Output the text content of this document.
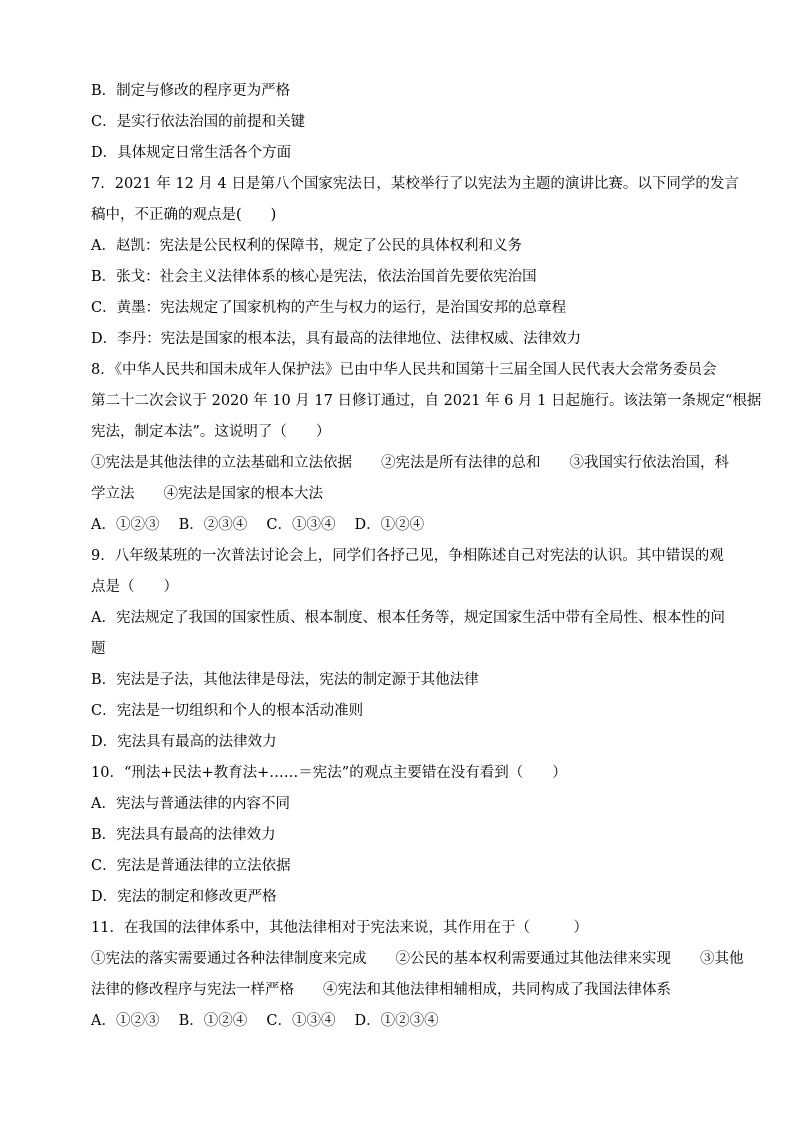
B．制定与修改的程序更为严格
C．是实行依法治国的前提和关键
D．具体规定日常生活各个方面
7．2021 年 12 月 4 日是第八个国家宪法日，某校举行了以宪法为主题的演讲比赛。以下同学的发言
稿中，不正确的观点是(　　)
A．赵凯：宪法是公民权利的保障书，规定了公民的具体权利和义务
B．张戈：社会主义法律体系的核心是宪法，依法治国首先要依宪治国
C．黄墨：宪法规定了国家机构的产生与权力的运行，是治国安邦的总章程
D．李丹：宪法是国家的根本法，具有最高的法律地位、法律权威、法律效力
8．《中华人民共和国未成年人保护法》已由中华人民共和国第十三届全国人民代表大会常务委员会
第二十二次会议于 2020 年 10 月 17 日修订通过，自 2021 年 6 月 1 日起施行。该法第一条规定“根据
宪法，制定本法”。这说明了（　　）
①宪法是其他法律的立法基础和立法依据　　②宪法是所有法律的总和　　③我国实行依法治国，科
学立法　　④宪法是国家的根本大法
A．①②③　 B．②③④　 C．①③④　 D．①②④
9．八年级某班的一次普法讨论会上，同学们各抒己见，争相陈述自己对宪法的认识。其中错误的观
点是（　　）
A．宪法规定了我国的国家性质、根本制度、根本任务等，规定国家生活中带有全局性、根本性的问
题
B．宪法是子法，其他法律是母法，宪法的制定源于其他法律
C．宪法是一切组织和个人的根本活动准则
D．宪法具有最高的法律效力
10．“刑法+民法+教育法+……＝宪法”的观点主要错在没有看到（　　）
A．宪法与普通法律的内容不同
B．宪法具有最高的法律效力
C．宪法是普通法律的立法依据
D．宪法的制定和修改更严格
11．在我国的法律体系中，其他法律相对于宪法来说，其作用在于（　　　）
①宪法的落实需要通过各种法律制度来完成　　②公民的基本权利需要通过其他法律来实现　　③其他
法律的修改程序与宪法一样严格　　④宪法和其他法律相辅相成，共同构成了我国法律体系
A．①②③　 B．①②④　 C．①③④　 D．①②③④
